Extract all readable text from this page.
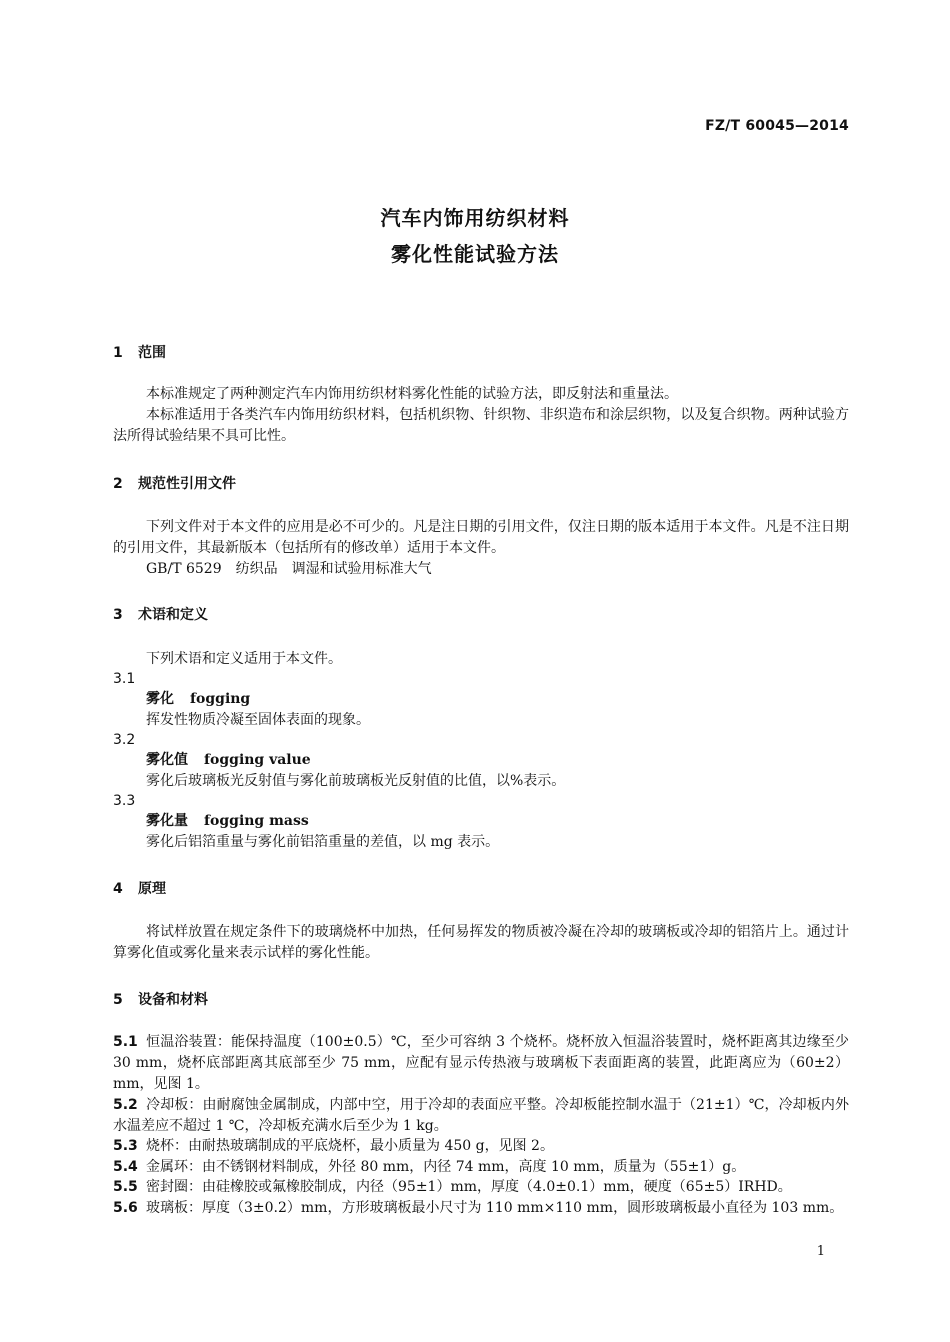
FZ/T 60045—2014
汽车内饰用纺织材料
雾化性能试验方法
1 范围

本标准规定了两种测定汽车内饰用纺织材料雾化性能的试验方法，即反射法和重量法。

本标准适用于各类汽车内饰用纺织材料，包括机织物、针织物、非织造布和涂层织物，以及复合织物。两种试验方法所得试验结果不具可比性。

2 规范性引用文件

下列文件对于本文件的应用是必不可少的。凡是注日期的引用文件，仅注日期的版本适用于本文件。凡是不注日期的引用文件，其最新版本（包括所有的修改单）适用于本文件。

GB/T 6529　纺织品　调湿和试验用标准大气
3 术语和定义
下列术语和定义适用于本文件。
3.1
雾化 fogging
挥发性物质冷凝至固体表面的现象。
3.2
雾化值 fogging value
雾化后玻璃板光反射值与雾化前玻璃板光反射值的比值，以%表示。
3.3
雾化量 fogging mass
雾化后铝箔重量与雾化前铝箔重量的差值，以 mg 表示。
4 原理

将试样放置在规定条件下的玻璃烧杯中加热，任何易挥发的物质被冷凝在冷却的玻璃板或冷却的铝箔片上。通过计算雾化值或雾化量来表示试样的雾化性能。

5 设备和材料

5.1 恒温浴装置：能保持温度（100±0.5）℃，至少可容纳 3 个烧杯。烧杯放入恒温浴装置时，烧杯距离其边缘至少 30 mm，烧杯底部距离其底部至少 75 mm，应配有显示传热液与玻璃板下表面距离的装置，此距离应为（60±2）mm，见图 1。

5.2 冷却板：由耐腐蚀金属制成，内部中空，用于冷却的表面应平整。冷却板能控制水温于（21±1）℃，冷却板内外水温差应不超过 1 ℃，冷却板充满水后至少为 1 kg。

5.3 烧杯：由耐热玻璃制成的平底烧杯，最小质量为 450 g，见图 2。

5.4 金属环：由不锈钢材料制成，外径 80 mm，内径 74 mm，高度 10 mm，质量为（55±1）g。

5.5 密封圈：由硅橡胶或氟橡胶制成，内径（95±1）mm，厚度（4.0±0.1）mm，硬度（65±5）IRHD。

5.6 玻璃板：厚度（3±0.2）mm，方形玻璃板最小尺寸为 110 mm×110 mm，圆形玻璃板最小直径为 103 mm。

1
